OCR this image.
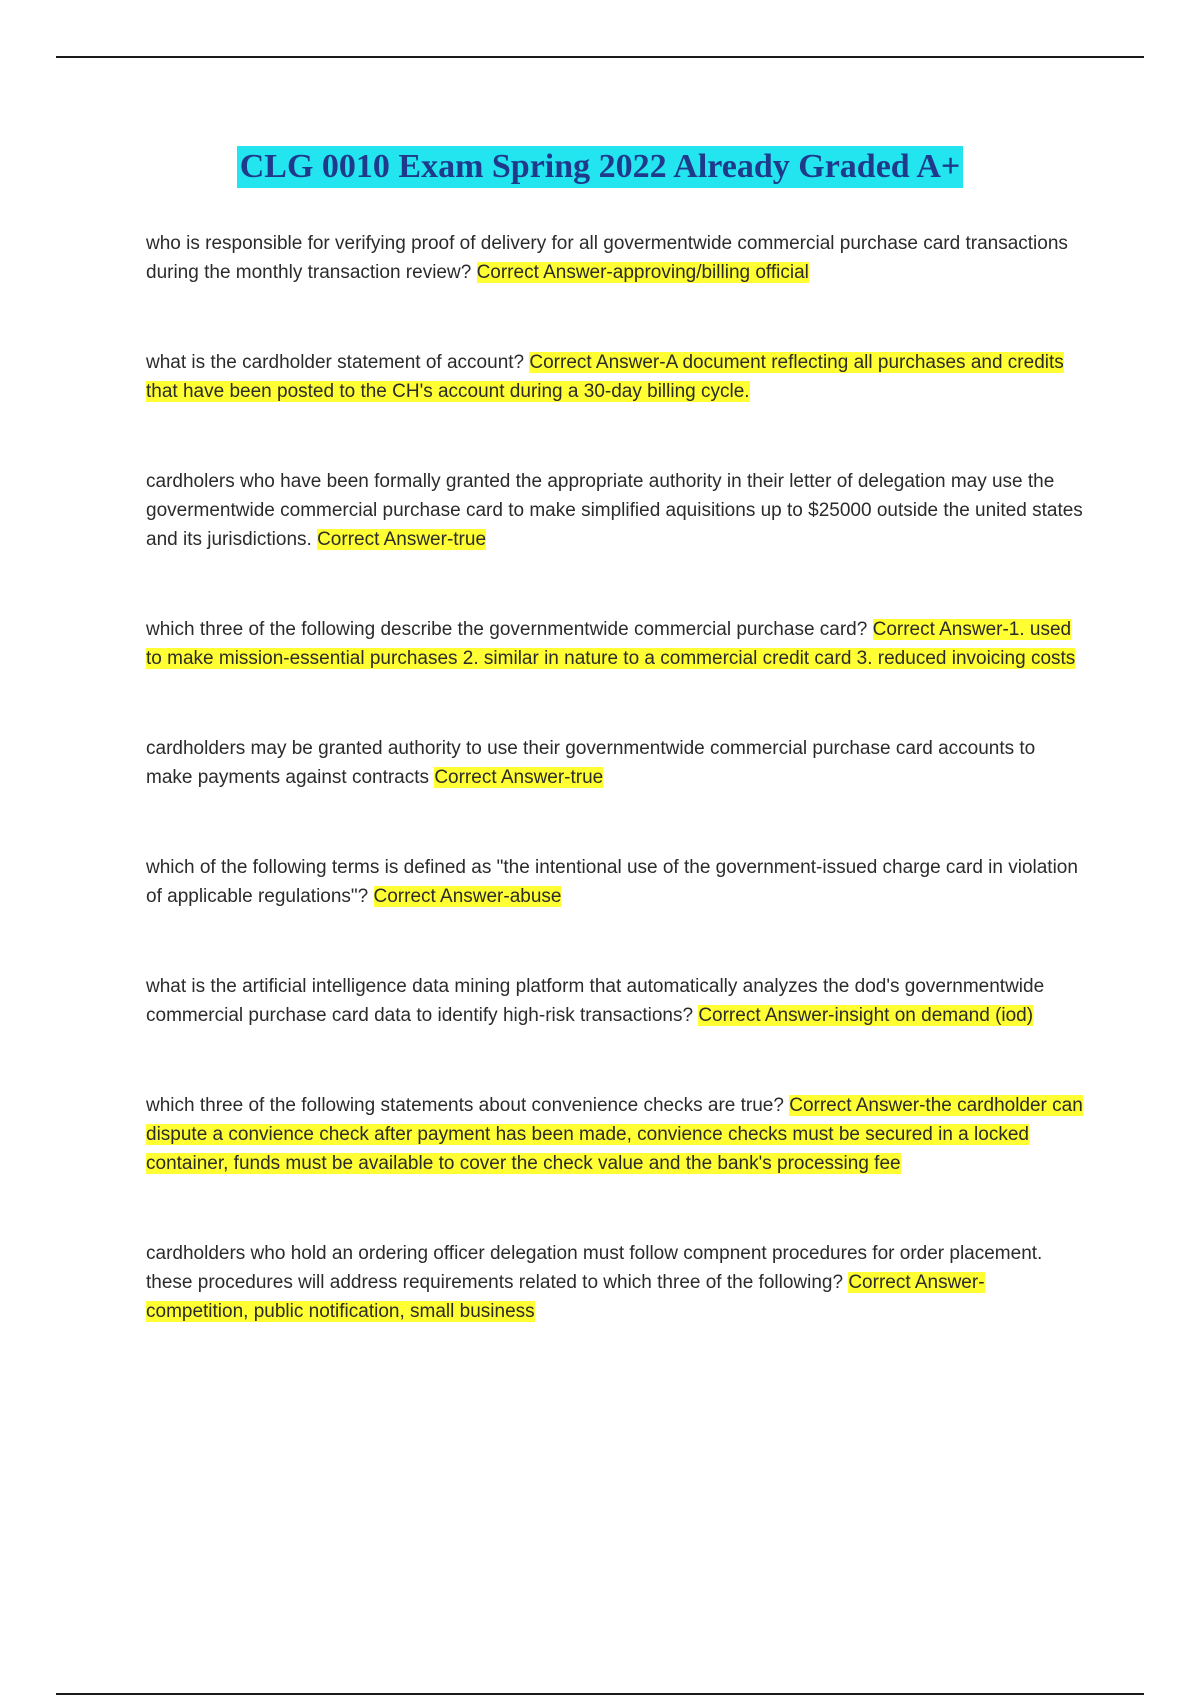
CLG 0010 Exam Spring 2022 Already Graded A+

who is responsible for verifying proof of delivery for all govermentwide commercial purchase card transactions during the monthly transaction review? Correct Answer-approving/billing official

what is the cardholder statement of account? Correct Answer-A document reflecting all purchases and credits that have been posted to the CH's account during a 30-day billing cycle.

cardholers who have been formally granted the appropriate authority in their letter of delegation may use the govermentwide commercial purchase card to make simplified aquisitions up to $25000 outside the united states and its jurisdictions. Correct Answer-true

which three of the following describe the governmentwide commercial purchase card? Correct Answer-1. used to make mission-essential purchases 2. similar in nature to a commercial credit card 3. reduced invoicing costs

cardholders may be granted authority to use their governmentwide commercial purchase card accounts to make payments against contracts Correct Answer-true

which of the following terms is defined as "the intentional use of the government-issued charge card in violation of applicable regulations"? Correct Answer-abuse

what is the artificial intelligence data mining platform that automatically analyzes the dod's governmentwide commercial purchase card data to identify high-risk transactions? Correct Answer-insight on demand (iod)

which three of the following statements about convenience checks are true? Correct Answer-the cardholder can dispute a convience check after payment has been made, convience checks must be secured in a locked container, funds must be available to cover the check value and the bank's processing fee

cardholders who hold an ordering officer delegation must follow compnent procedures for order placement. these procedures will address requirements related to which three of the following? Correct Answer-competition, public notification, small business
